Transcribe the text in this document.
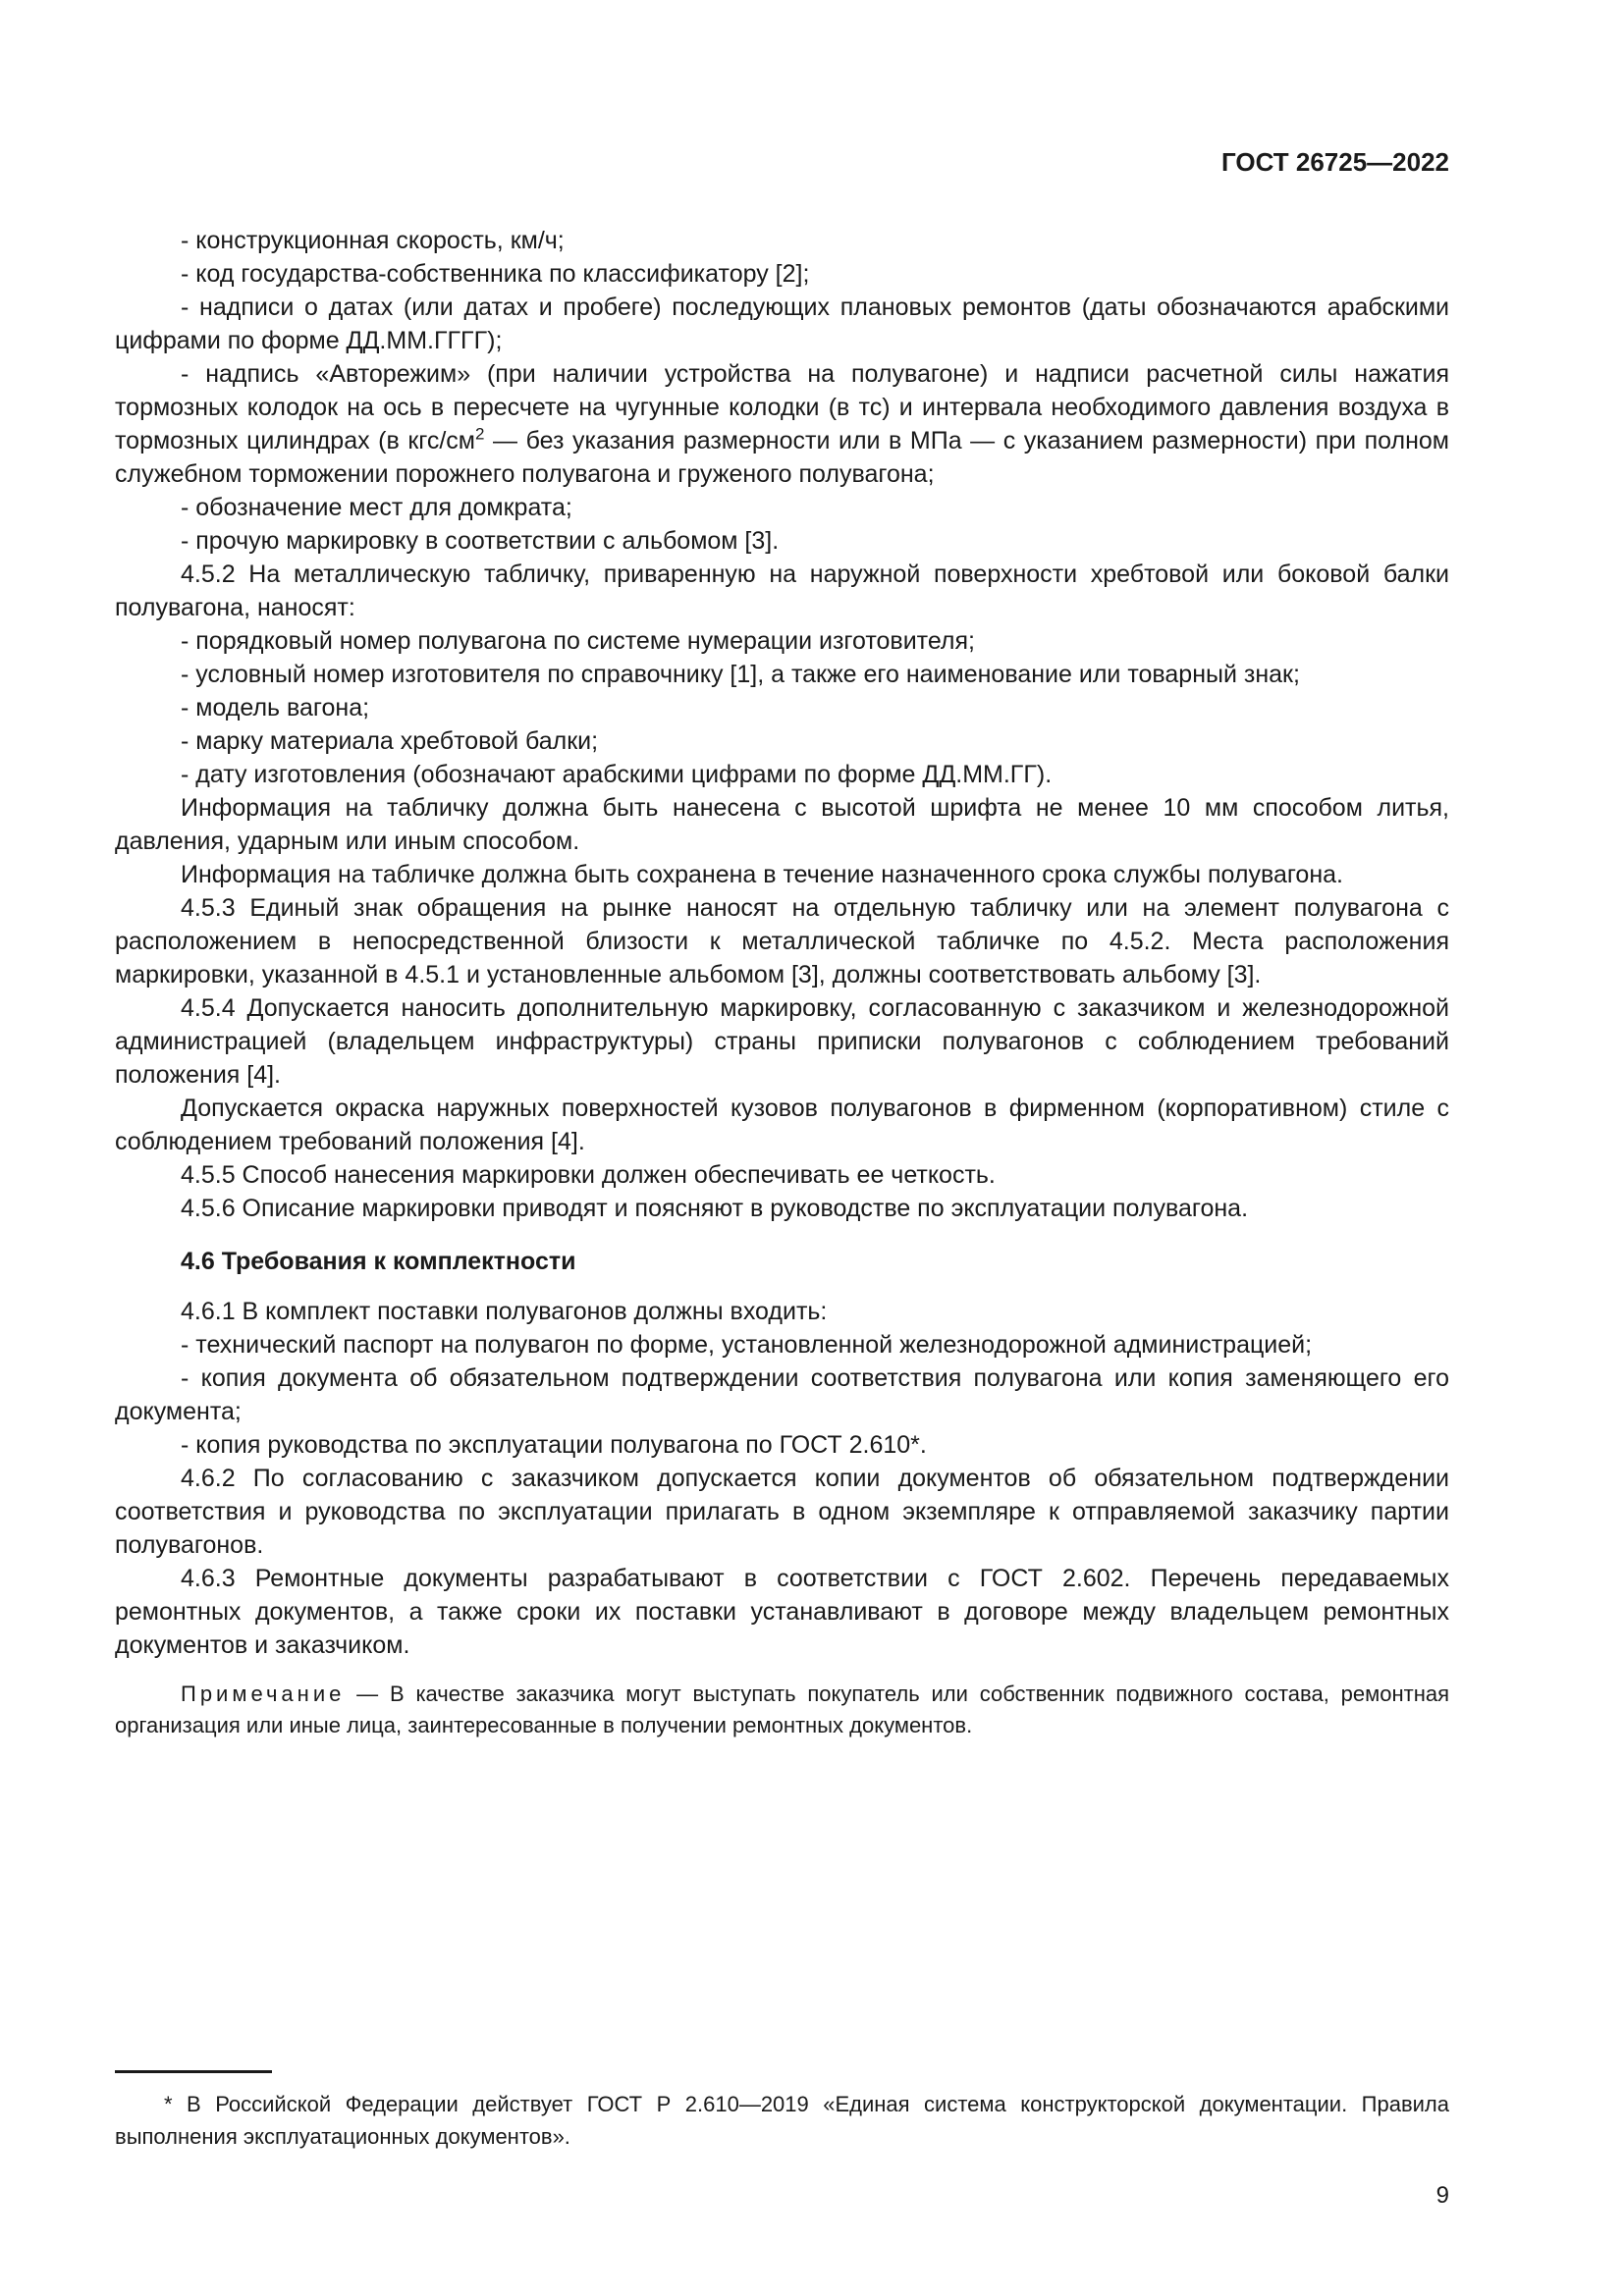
ГОСТ 26725—2022

- конструкционная скорость, км/ч;

- код государства-собственника по классификатору [2];

- надписи о датах (или датах и пробеге) последующих плановых ремонтов (даты обозначаются арабскими цифрами по форме ДД.ММ.ГГГГ);

- надпись «Авторежим» (при наличии устройства на полувагоне) и надписи расчетной силы нажатия тормозных колодок на ось в пересчете на чугунные колодки (в тс) и интервала необходимого давления воздуха в тормозных цилиндрах (в кгс/$см^2$ — без указания размерности или в МПа — с указанием размерности) при полном служебном торможении порожнего полувагона и груженого полувагона;

- обозначение мест для домкрата;

- прочую маркировку в соответствии с альбомом [3].

4.5.2 На металлическую табличку, приваренную на наружной поверхности хребтовой или боковой балки полувагона, наносят:

- порядковый номер полувагона по системе нумерации изготовителя;

- условный номер изготовителя по справочнику [1], а также его наименование или товарный знак;

- модель вагона;

- марку материала хребтовой балки;

- дату изготовления (обозначают арабскими цифрами по форме ДД.ММ.ГГ).

Информация на табличку должна быть нанесена с высотой шрифта не менее 10 мм способом литья, давления, ударным или иным способом.

Информация на табличке должна быть сохранена в течение назначенного срока службы полувагона.

4.5.3 Единый знак обращения на рынке наносят на отдельную табличку или на элемент полувагона с расположением в непосредственной близости к металлической табличке по 4.5.2. Места расположения маркировки, указанной в 4.5.1 и установленные альбомом [3], должны соответствовать альбому [3].

4.5.4 Допускается наносить дополнительную маркировку, согласованную с заказчиком и железнодорожной администрацией (владельцем инфраструктуры) страны приписки полувагонов с соблюдением требований положения [4].

Допускается окраска наружных поверхностей кузовов полувагонов в фирменном (корпоративном) стиле с соблюдением требований положения [4].

4.5.5 Способ нанесения маркировки должен обеспечивать ее четкость.

4.5.6 Описание маркировки приводят и поясняют в руководстве по эксплуатации полувагона.

4.6 Требования к комплектности

4.6.1 В комплект поставки полувагонов должны входить:

- технический паспорт на полувагон по форме, установленной железнодорожной администрацией;

- копия документа об обязательном подтверждении соответствия полувагона или копия заменяющего его документа;

- копия руководства по эксплуатации полувагона по ГОСТ 2.610*.

4.6.2 По согласованию с заказчиком допускается копии документов об обязательном подтверждении соответствия и руководства по эксплуатации прилагать в одном экземпляре к отправляемой заказчику партии полувагонов.

4.6.3 Ремонтные документы разрабатывают в соответствии с ГОСТ 2.602. Перечень передаваемых ремонтных документов, а также сроки их поставки устанавливают в договоре между владельцем ремонтных документов и заказчиком.

Примечание — В качестве заказчика могут выступать покупатель или собственник подвижного состава, ремонтная организация или иные лица, заинтересованные в получении ремонтных документов.

* В Российской Федерации действует ГОСТ Р 2.610—2019 «Единая система конструкторской документации. Правила выполнения эксплуатационных документов».

9
